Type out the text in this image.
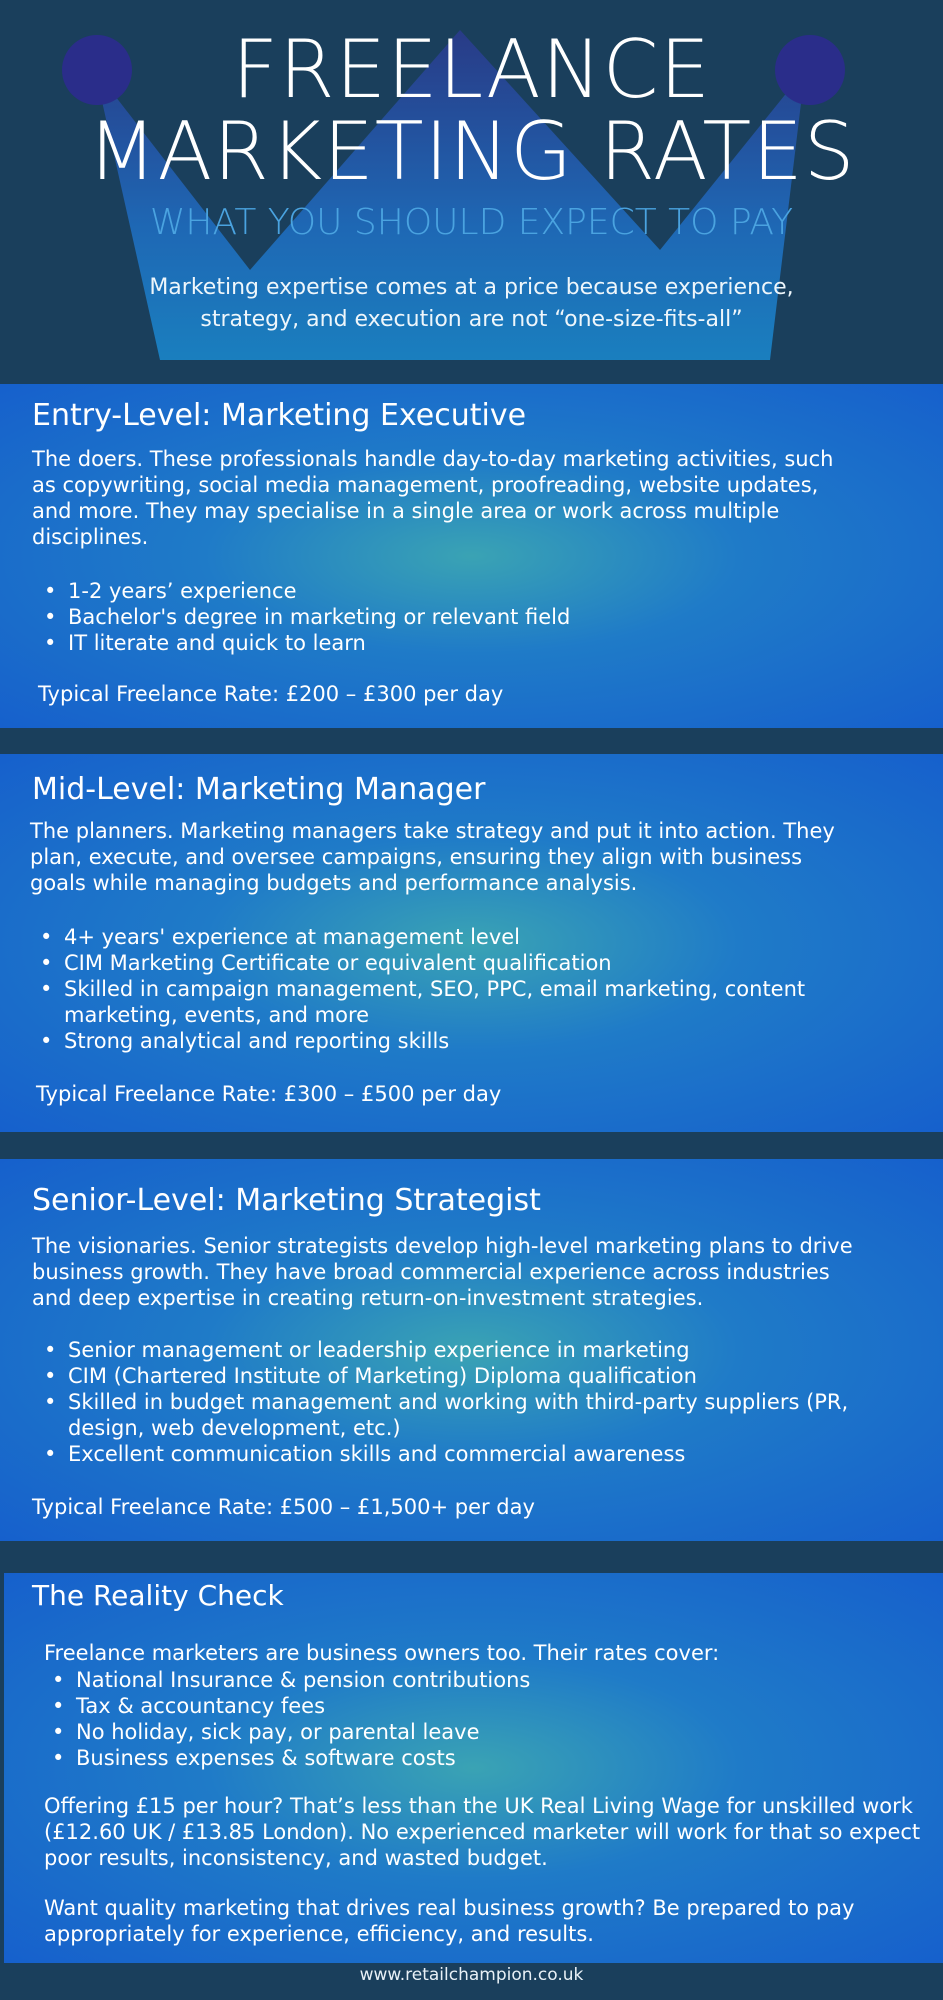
FREELANCE
MARKETING RATES
WHAT YOU SHOULD EXPECT TO PAY
Marketing expertise comes at a price because experience, strategy, and execution are not “one-size-fits-all”
Entry-Level: Marketing Executive

The doers. These professionals handle day-to-day marketing activities, such as copywriting, social media management, proofreading, website updates, and more. They may specialise in a single area or work across multiple disciplines.

• 1-2 years’ experience
• Bachelor's degree in marketing or relevant field
• IT literate and quick to learn
Typical Freelance Rate: £200 – £300 per day
Mid-Level: Marketing Manager

The planners. Marketing managers take strategy and put it into action. They plan, execute, and oversee campaigns, ensuring they align with business goals while managing budgets and performance analysis.

• 4+ years' experience at management level
• CIM Marketing Certificate or equivalent qualification
• Skilled in campaign management, SEO, PPC, email marketing, content marketing, events, and more
• Strong analytical and reporting skills
Typical Freelance Rate: £300 – £500 per day
Senior-Level: Marketing Strategist

The visionaries. Senior strategists develop high-level marketing plans to drive business growth. They have broad commercial experience across industries and deep expertise in creating return-on-investment strategies.

• Senior management or leadership experience in marketing
• CIM (Chartered Institute of Marketing) Diploma qualification
• Skilled in budget management and working with third-party suppliers (PR, design, web development, etc.)
• Excellent communication skills and commercial awareness
Typical Freelance Rate: £500 – £1,500+ per day
The Reality Check
Freelance marketers are business owners too. Their rates cover:
• National Insurance & pension contributions
• Tax & accountancy fees
• No holiday, sick pay, or parental leave
• Business expenses & software costs

Offering £15 per hour? That’s less than the UK Real Living Wage for unskilled work (£12.60 UK / £13.85 London). No experienced marketer will work for that so expect poor results, inconsistency, and wasted budget.

Want quality marketing that drives real business growth? Be prepared to pay appropriately for experience, efficiency, and results.

www.retailchampion.co.uk
